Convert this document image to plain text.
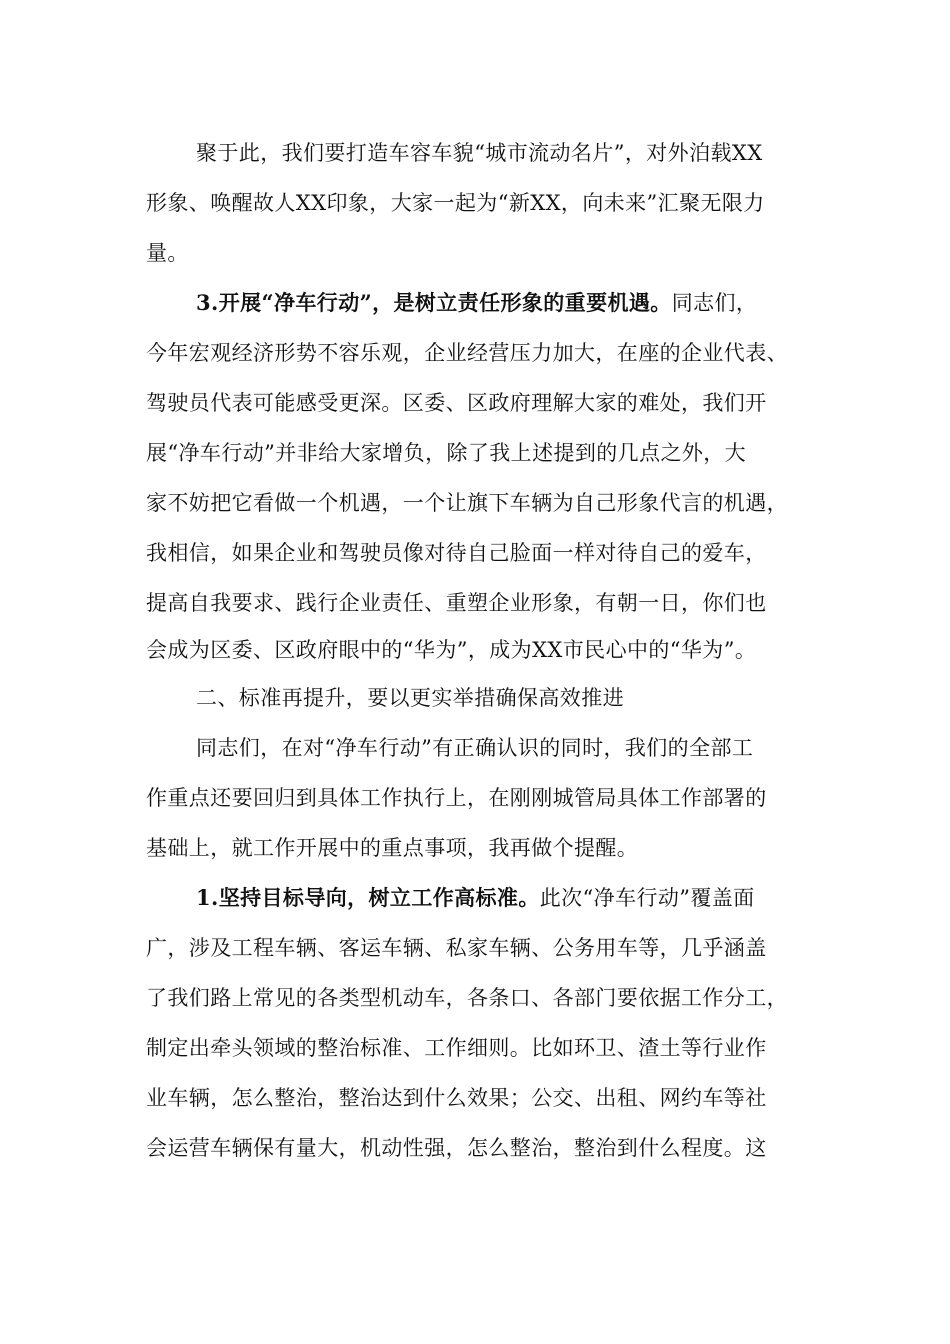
聚于此，我们要打造车容车貌“城市流动名片”，对外泊载XX
形象、唤醒故人XX印象，大家一起为“新XX，向未来”汇聚无限力
量。
3.开展“净车行动”，是树立责任形象的重要机遇。同志们，
今年宏观经济形势不容乐观，企业经营压力加大，在座的企业代表、
驾驶员代表可能感受更深。区委、区政府理解大家的难处，我们开
展“净车行动”并非给大家增负，除了我上述提到的几点之外，大
家不妨把它看做一个机遇，一个让旗下车辆为自己形象代言的机遇，
我相信，如果企业和驾驶员像对待自己脸面一样对待自己的爱车，
提高自我要求、践行企业责任、重塑企业形象，有朝一日，你们也
会成为区委、区政府眼中的“华为”，成为XX市民心中的“华为”。
二、标准再提升，要以更实举措确保高效推进
同志们，在对“净车行动”有正确认识的同时，我们的全部工
作重点还要回归到具体工作执行上，在刚刚城管局具体工作部署的
基础上，就工作开展中的重点事项，我再做个提醒。
1.坚持目标导向，树立工作高标准。此次“净车行动”覆盖面
广，涉及工程车辆、客运车辆、私家车辆、公务用车等，几乎涵盖
了我们路上常见的各类型机动车，各条口、各部门要依据工作分工，
制定出牵头领域的整治标准、工作细则。比如环卫、渣土等行业作
业车辆，怎么整治，整治达到什么效果；公交、出租、网约车等社
会运营车辆保有量大，机动性强，怎么整治，整治到什么程度。这
